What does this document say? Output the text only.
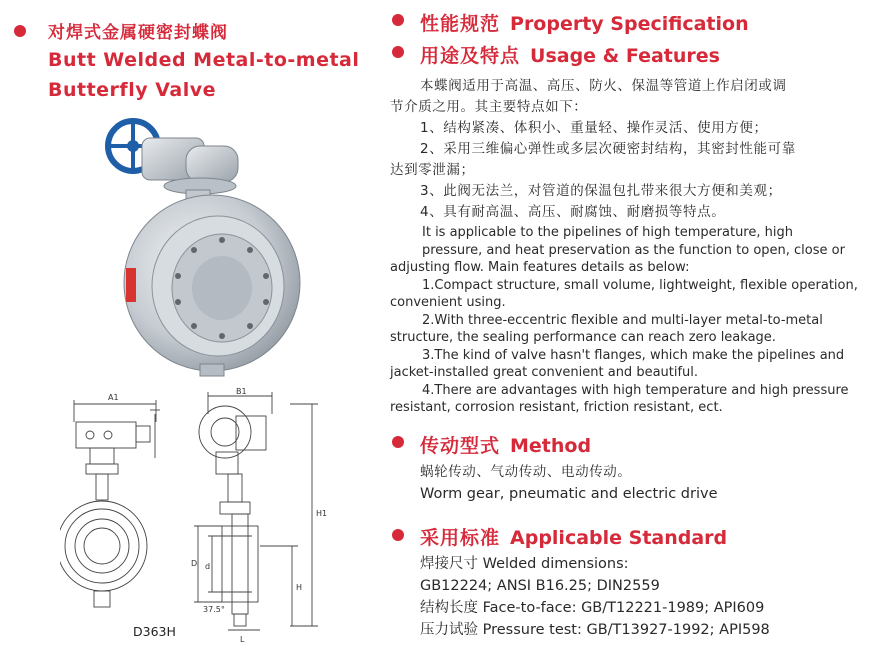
对焊式金属硬密封蝶阀
Butt Welded Metal-to-metal
Butterfly Valve
A1
B1
H1
H
D d
L
37.5°
D363H
性能规范 Property Specification
用途及特点 Usage & Features
本蝶阀适用于高温、高压、防火、保温等管道上作启闭或调
节介质之用。其主要特点如下：
1、结构紧凑、体积小、重量轻、操作灵活、使用方便；
2、采用三维偏心弹性或多层次硬密封结构，其密封性能可靠
达到零泄漏；
3、此阀无法兰，对管道的保温包扎带来很大方便和美观；
4、具有耐高温、高压、耐腐蚀、耐磨损等特点。
It is applicable to the pipelines of high temperature, high
pressure, and heat preservation as the function to open, close or
adjusting flow. Main features details as below:
1.Compact structure, small volume, lightweight, flexible operation,
convenient using.
2.With three-eccentric flexible and multi-layer metal-to-metal
structure, the sealing performance can reach zero leakage.
3.The kind of valve hasn't flanges, which make the pipelines and
jacket-installed great convenient and beautiful.
4.There are advantages with high temperature and high pressure
resistant, corrosion resistant, friction resistant, ect.
传动型式 Method
蜗轮传动、气动传动、电动传动。
Worm gear, pneumatic and electric drive
采用标准 Applicable Standard
焊接尺寸 Welded dimensions:
GB12224; ANSI B16.25; DIN2559
结构长度 Face-to-face: GB/T12221-1989; API609
压力试验 Pressure test: GB/T13927-1992; API598
